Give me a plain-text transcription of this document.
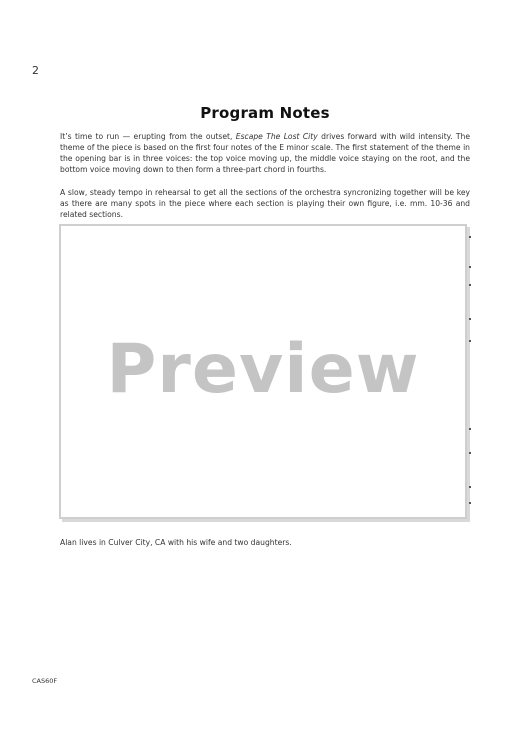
2
Program Notes

It’s time to run — erupting from the outset, Escape The Lost City drives forward with wild intensity. The theme of the piece is based on the first four notes of the E minor scale. The first statement of the theme in the opening bar is in three voices: the top voice moving up, the middle voice staying on the root, and the bottom voice moving down to then form a three-part chord in fourths.

A slow, steady tempo in rehearsal to get all the sections of the orchestra syncronizing together will be key as there are many spots in the piece where each section is playing their own figure, i.e. mm. 10-36 and related sections.

Preview

Alan lives in Culver City, CA with his wife and two daughters.

CAS60F
